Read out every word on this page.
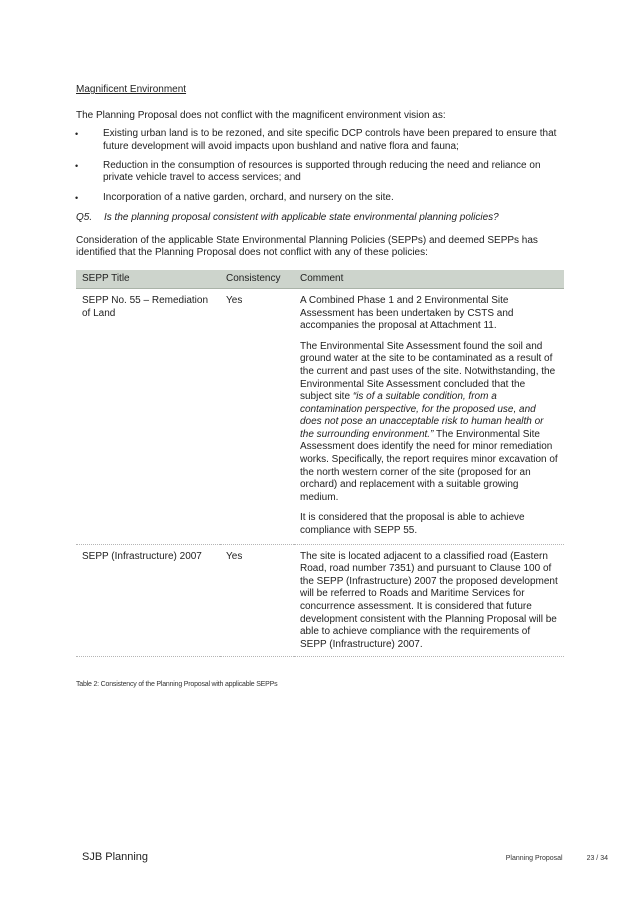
Magnificent Environment

The Planning Proposal does not conflict with the magnificent environment vision as:
• Existing urban land is to be rezoned, and site specific DCP controls have been prepared to ensure that future development will avoid impacts upon bushland and native flora and fauna;
• Reduction in the consumption of resources is supported through reducing the need and reliance on private vehicle travel to access services; and
• Incorporation of a native garden, orchard, and nursery on the site.
Q5.	Is the planning proposal consistent with applicable state environmental planning policies?
Consideration of the applicable State Environmental Planning Policies (SEPPs) and deemed SEPPs has identified that the Planning Proposal does not conflict with any of these policies:
SEPP Title	Consistency	Comment
SEPP No. 55 – Remediation of Land	Yes	A Combined Phase 1 and 2 Environmental Site Assessment has been undertaken by CSTS and accompanies the proposal at Attachment 11.

The Environmental Site Assessment found the soil and ground water at the site to be contaminated as a result of the current and past uses of the site. Notwithstanding, the Environmental Site Assessment concluded that the subject site “is of a suitable condition, from a contamination perspective, for the proposed use, and does not pose an unacceptable risk to human health or the surrounding environment.” The Environmental Site Assessment does identify the need for minor remediation works. Specifically, the report requires minor excavation of the north western corner of the site (proposed for an orchard) and replacement with a suitable growing medium.

It is considered that the proposal is able to achieve compliance with SEPP 55.

SEPP (Infrastructure) 2007	Yes	The site is located adjacent to a classified road (Eastern Road, road number 7351) and pursuant to Clause 100 of the SEPP (Infrastructure) 2007 the proposed development will be referred to Roads and Maritime Services for concurrence assessment. It is considered that future development consistent with the Planning Proposal will be able to achieve compliance with the requirements of SEPP (Infrastructure) 2007.

Table 2: Consistency of the Planning Proposal with applicable SEPPs
SJB Planning	Planning Proposal	23 / 34
